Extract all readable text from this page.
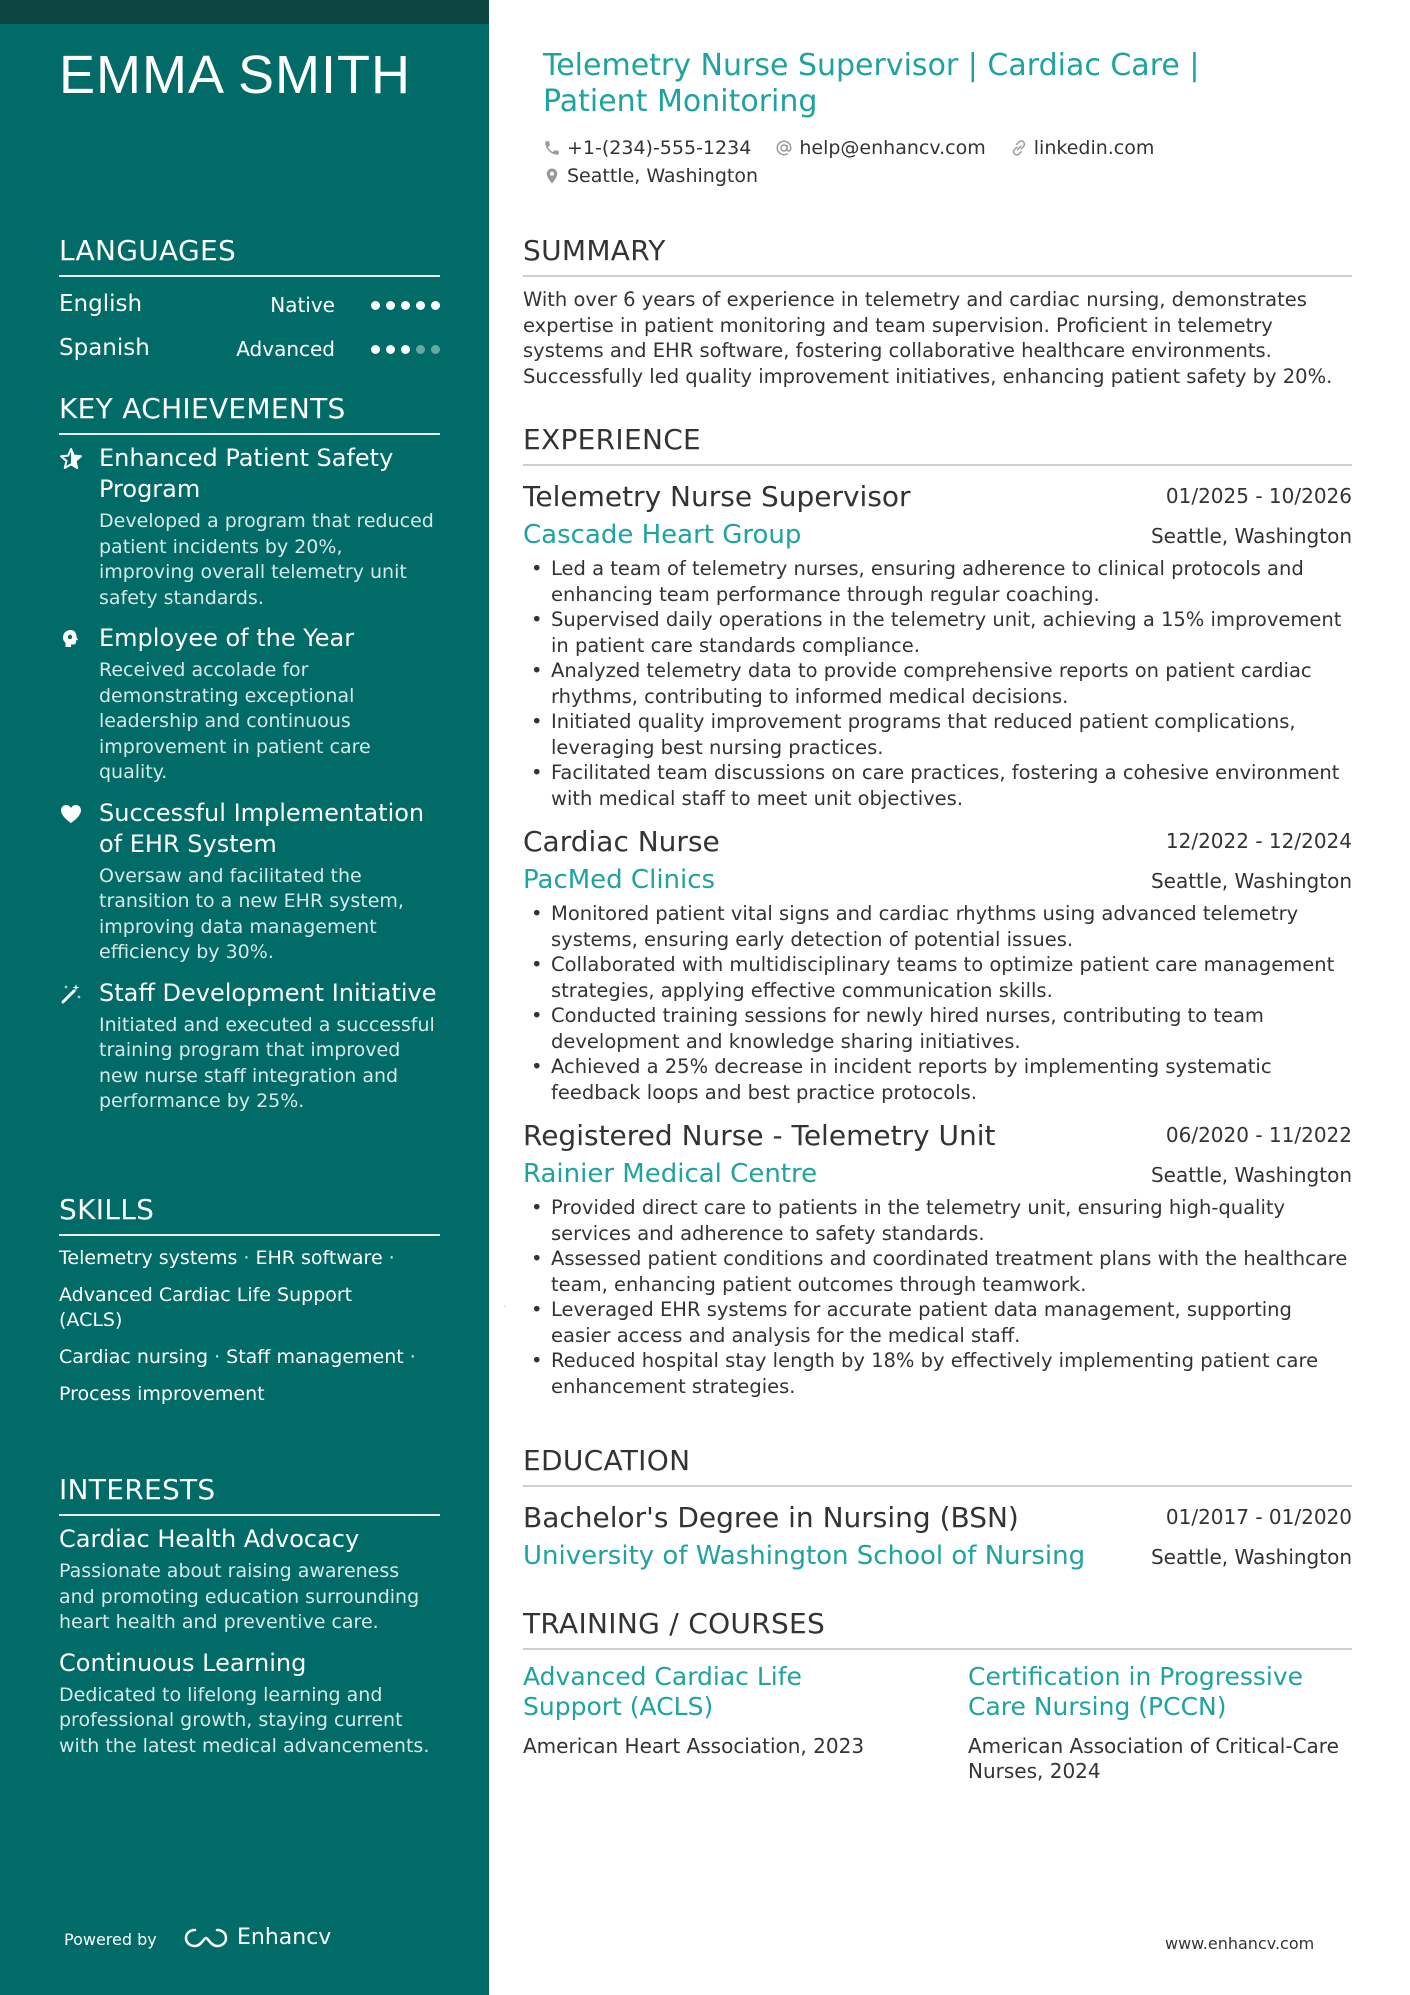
EMMA SMITH
LANGUAGES
English	Native
Spanish	Advanced
KEY ACHIEVEMENTS
Enhanced Patient Safety Program
Developed a program that reduced patient incidents by 20%, improving overall telemetry unit safety standards.
Employee of the Year
Received accolade for demonstrating exceptional leadership and continuous improvement in patient care quality.
Successful Implementation of EHR System
Oversaw and facilitated the transition to a new EHR system, improving data management efficiency by 30%.
Staff Development Initiative
Initiated and executed a successful training program that improved new nurse staff integration and performance by 25%.
SKILLS
Telemetry systems · EHR software ·
Advanced Cardiac Life Support (ACLS)
·
Cardiac nursing · Staff management ·
Process improvement
INTERESTS
Cardiac Health Advocacy
Passionate about raising awareness and promoting education surrounding heart health and preventive care.
Continuous Learning
Dedicated to lifelong learning and professional growth, staying current with the latest medical advancements.
Powered by	Enhancv
Telemetry Nurse Supervisor | Cardiac Care | Patient Monitoring
+1-(234)-555-1234
	help@enhancv.com
	linkedin.com
Seattle, Washington
SUMMARY
With over 6 years of experience in telemetry and cardiac nursing, demonstrates expertise in patient monitoring and team supervision. Proficient in telemetry systems and EHR software, fostering collaborative healthcare environments. Successfully led quality improvement initiatives, enhancing patient safety by 20%.
EXPERIENCE
Telemetry Nurse Supervisor	01/2025 - 10/2026
Cascade Heart Group	Seattle, Washington
• Led a team of telemetry nurses, ensuring adherence to clinical protocols and enhancing team performance through regular coaching.
• Supervised daily operations in the telemetry unit, achieving a 15% improvement in patient care standards compliance.
• Analyzed telemetry data to provide comprehensive reports on patient cardiac rhythms, contributing to informed medical decisions.
• Initiated quality improvement programs that reduced patient complications, leveraging best nursing practices.
• Facilitated team discussions on care practices, fostering a cohesive environment with medical staff to meet unit objectives.
Cardiac Nurse	12/2022 - 12/2024
PacMed Clinics	Seattle, Washington
• Monitored patient vital signs and cardiac rhythms using advanced telemetry systems, ensuring early detection of potential issues.
• Collaborated with multidisciplinary teams to optimize patient care management strategies, applying effective communication skills.
• Conducted training sessions for newly hired nurses, contributing to team development and knowledge sharing initiatives.
• Achieved a 25% decrease in incident reports by implementing systematic feedback loops and best practice protocols.
Registered Nurse - Telemetry Unit	06/2020 - 11/2022
Rainier Medical Centre	Seattle, Washington
• Provided direct care to patients in the telemetry unit, ensuring high-quality services and adherence to safety standards.
• Assessed patient conditions and coordinated treatment plans with the healthcare team, enhancing patient outcomes through teamwork.
• Leveraged EHR systems for accurate patient data management, supporting easier access and analysis for the medical staff.
• Reduced hospital stay length by 18% by effectively implementing patient care enhancement strategies.
EDUCATION
Bachelor's Degree in Nursing (BSN)	01/2017 - 01/2020
University of Washington School of Nursing	Seattle, Washington
TRAINING / COURSES
Advanced Cardiac Life Support (ACLS)
American Heart Association, 2023
Certification in Progressive Care Nursing (PCCN)
American Association of Critical-Care Nurses, 2024
www.enhancv.com
